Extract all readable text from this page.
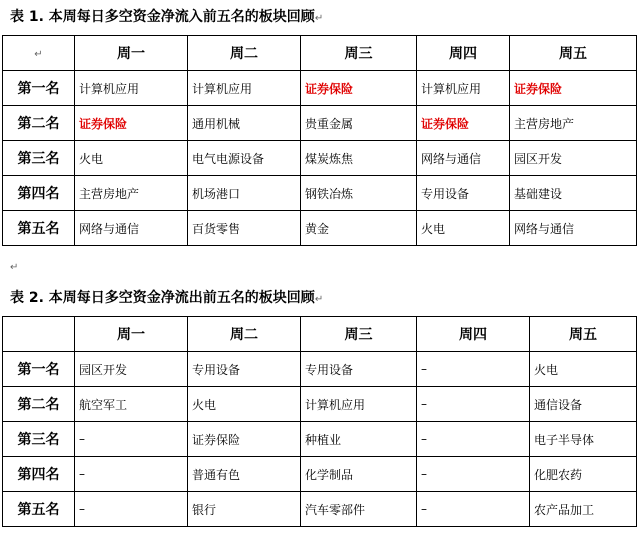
表 1. 本周每日多空资金净流入前五名的板块回顾↵
↵	周一	周二	周三	周四	周五
第一名	计算机应用	计算机应用	证券保险	计算机应用	证券保险
第二名	证券保险	通用机械	贵重金属	证券保险	主营房地产
第三名	火电	电气电源设备	煤炭炼焦	网络与通信	园区开发
第四名	主营房地产	机场港口	钢铁冶炼	专用设备	基础建设
第五名	网络与通信	百货零售	黄金	火电	网络与通信
↵
表 2. 本周每日多空资金净流出前五名的板块回顾↵
	周一	周二	周三	周四	周五
第一名	园区开发	专用设备	专用设备	–	火电
第二名	航空军工	火电	计算机应用	–	通信设备
第三名	–	证券保险	种植业	–	电子半导体
第四名	–	普通有色	化学制品	–	化肥农药
第五名	–	银行	汽车零部件	–	农产品加工
